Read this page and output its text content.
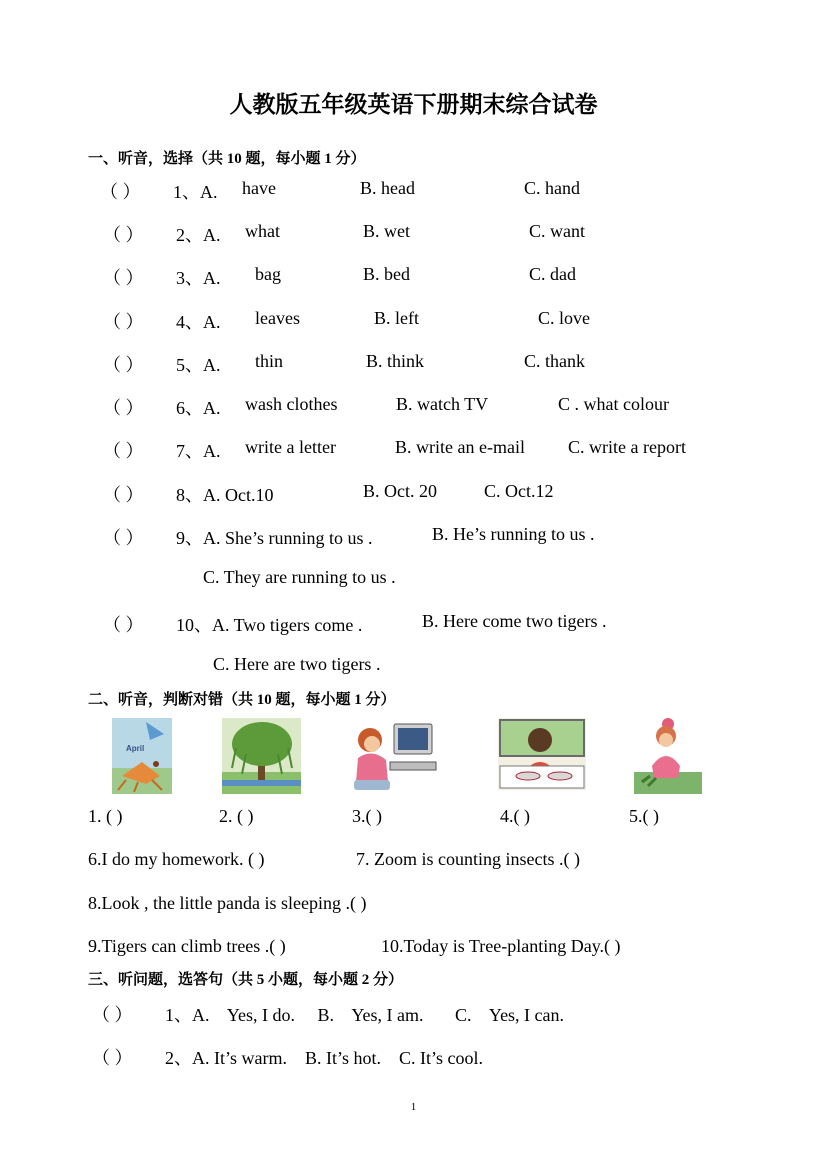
人教版五年级英语下册期末综合试卷
一、听音，选择（共 10 题，每小题 1 分）
（ ） 1、A. have	B. head	C. hand
（ ） 2、A. what	B. wet	C. want
（ ） 3、A. bag	B. bed	C. dad
（ ） 4、A. leaves	B. left	C. love
（ ） 5、A. thin	B. think	C. thank
（ ） 6、A. wash clothes	B. watch TV	C . what colour
（ ） 7、A. write a letter	B. write an e-mail C. write a report
（ ） 8、A. Oct.10	B. Oct. 20	C. Oct.12
（ ） 9、A. She’s running to us .	B. He’s running to us .
C. They are running to us .
（ ） 10、A. Two tigers come .	B. Here come two tigers .
C. Here are two tigers .
二、听音，判断对错（共 10 题，每小题 1 分）
April
1. ( )	2. ( )	3.( )	4.( )	5.( )
6.I do my homework. ( )	7. Zoom is counting insects .( )
8.Look , the little panda is sleeping .( )
9.Tigers can climb trees .( )	10.Today is Tree-planting Day.( )
三、听问题，选答句（共 5 小题，每小题 2 分）
（ ） 1、A.    Yes, I do.     B.    Yes, I am.       C.    Yes, I can.
（ ） 2、A. It’s warm.    B. It’s hot.    C. It’s cool.
1
